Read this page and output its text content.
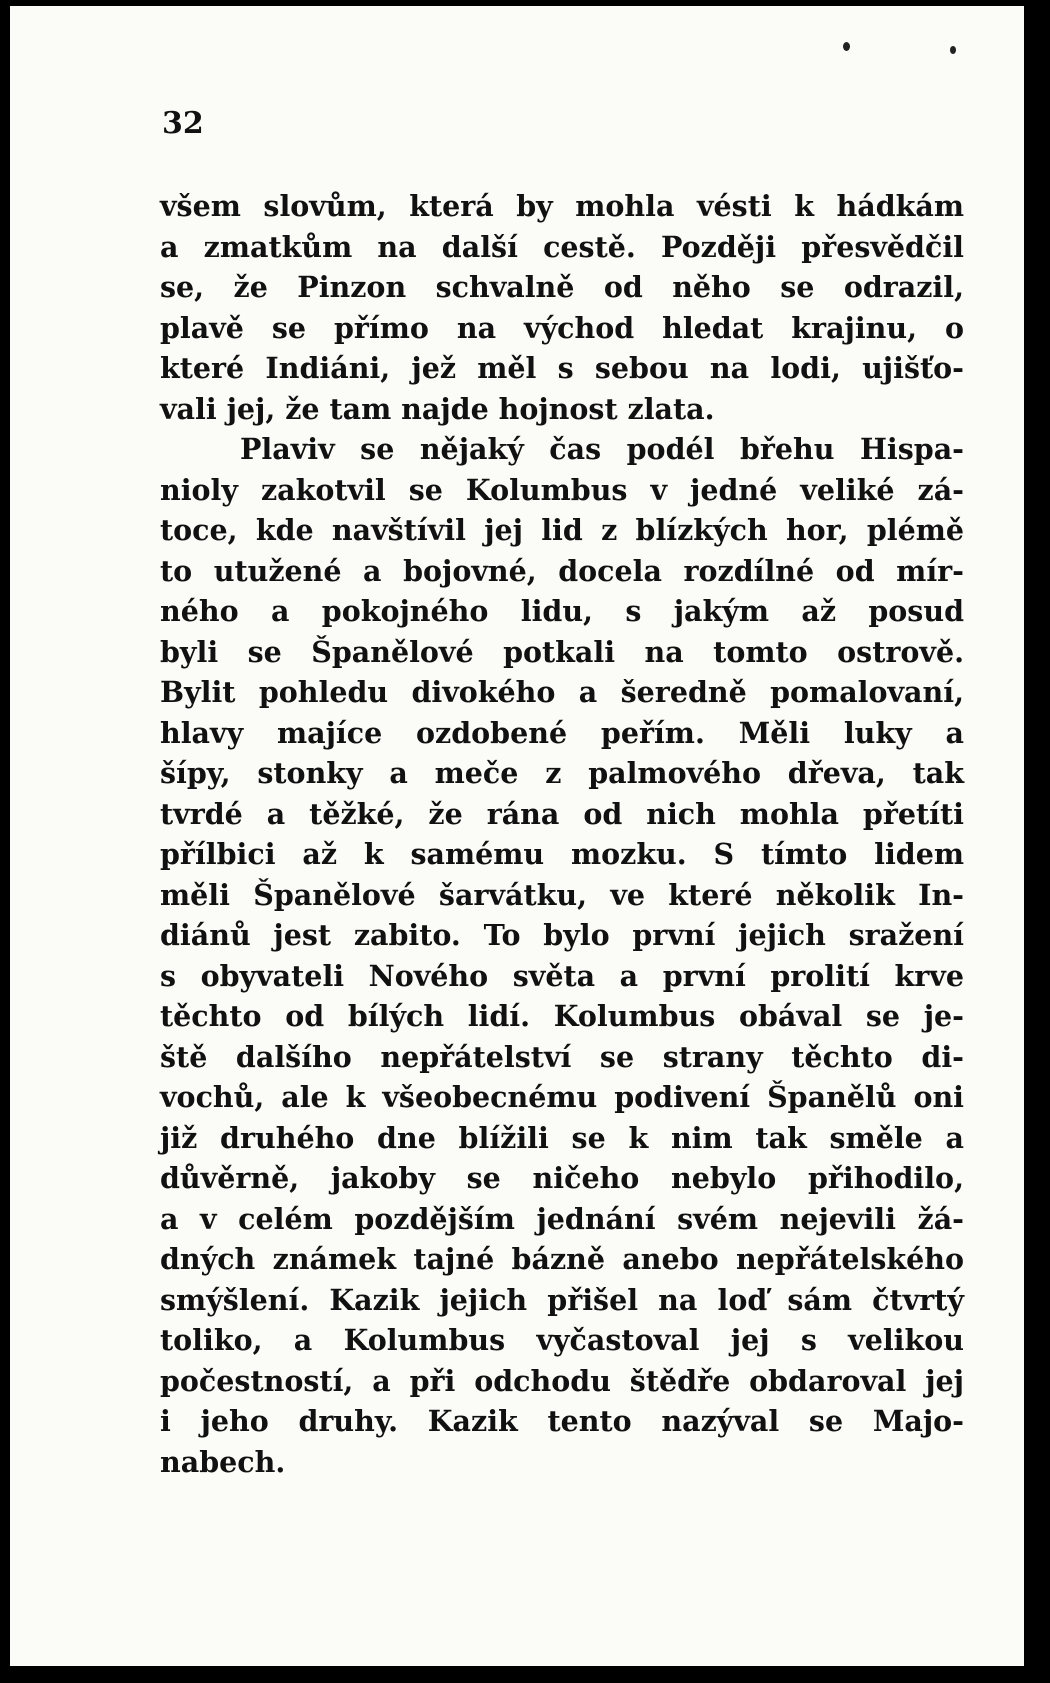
32

všem slovům, která by mohla vésti k hádkám
a zmatkům na další cestě. Později přesvědčil
se, že Pinzon schvalně od něho se odrazil,
plavě se přímo na východ hledat krajinu, o
které Indiáni, jež měl s sebou na lodi, ujišťo-
vali jej, že tam najde hojnost zlata.
Plaviv se nějaký čas podél břehu Hispa-
nioly zakotvil se Kolumbus v jedné veliké zá-
toce, kde navštívil jej lid z blízkých hor, plémě
to utužené a bojovné, docela rozdílné od mír-
ného a pokojného lidu, s jakým až posud
byli se Španělové potkali na tomto ostrově.
Bylit pohledu divokého a šeredně pomalovaní,
hlavy majíce ozdobené peřím. Měli luky a
šípy, stonky a meče z palmového dřeva, tak
tvrdé a těžké, že rána od nich mohla přetíti
přílbici až k samému mozku. S tímto lidem
měli Španělové šarvátku, ve které několik In-
diánů jest zabito. To bylo první jejich sražení
s obyvateli Nového světa a první prolití krve
těchto od bílých lidí. Kolumbus obával se je-
ště dalšího nepřátelství se strany těchto di-
vochů, ale k všeobecnému podivení Španělů oni
již druhého dne blížili se k nim tak směle a
důvěrně, jakoby se ničeho nebylo přihodilo,
a v celém pozdějším jednání svém nejevili žá-
dných známek tajné bázně anebo nepřátelského
smýšlení. Kazik jejich přišel na loď sám čtvrtý
toliko, a Kolumbus vyčastoval jej s velikou
počestností, a při odchodu štědře obdaroval jej
i jeho druhy. Kazik tento nazýval se Majo-
nabech.
